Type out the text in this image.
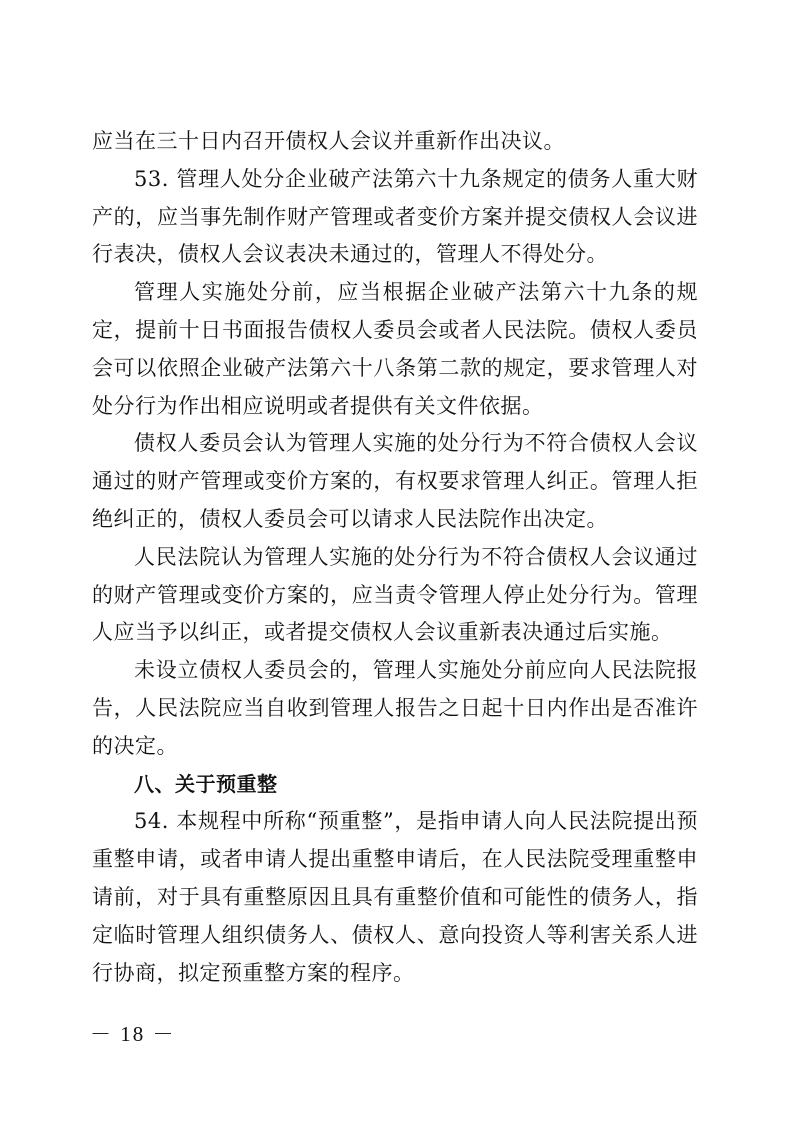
应当在三十日内召开债权人会议并重新作出决议。

53. 管理人处分企业破产法第六十九条规定的债务人重大财产的，应当事先制作财产管理或者变价方案并提交债权人会议进行表决，债权人会议表决未通过的，管理人不得处分。

管理人实施处分前，应当根据企业破产法第六十九条的规定，提前十日书面报告债权人委员会或者人民法院。债权人委员会可以依照企业破产法第六十八条第二款的规定，要求管理人对处分行为作出相应说明或者提供有关文件依据。

债权人委员会认为管理人实施的处分行为不符合债权人会议通过的财产管理或变价方案的，有权要求管理人纠正。管理人拒绝纠正的，债权人委员会可以请求人民法院作出决定。

人民法院认为管理人实施的处分行为不符合债权人会议通过的财产管理或变价方案的，应当责令管理人停止处分行为。管理人应当予以纠正，或者提交债权人会议重新表决通过后实施。

未设立债权人委员会的，管理人实施处分前应向人民法院报告，人民法院应当自收到管理人报告之日起十日内作出是否准许的决定。

八、关于预重整

54. 本规程中所称“预重整”，是指申请人向人民法院提出预重整申请，或者申请人提出重整申请后，在人民法院受理重整申请前，对于具有重整原因且具有重整价值和可能性的债务人，指定临时管理人组织债务人、债权人、意向投资人等利害关系人进行协商，拟定预重整方案的程序。

－ 18 －
